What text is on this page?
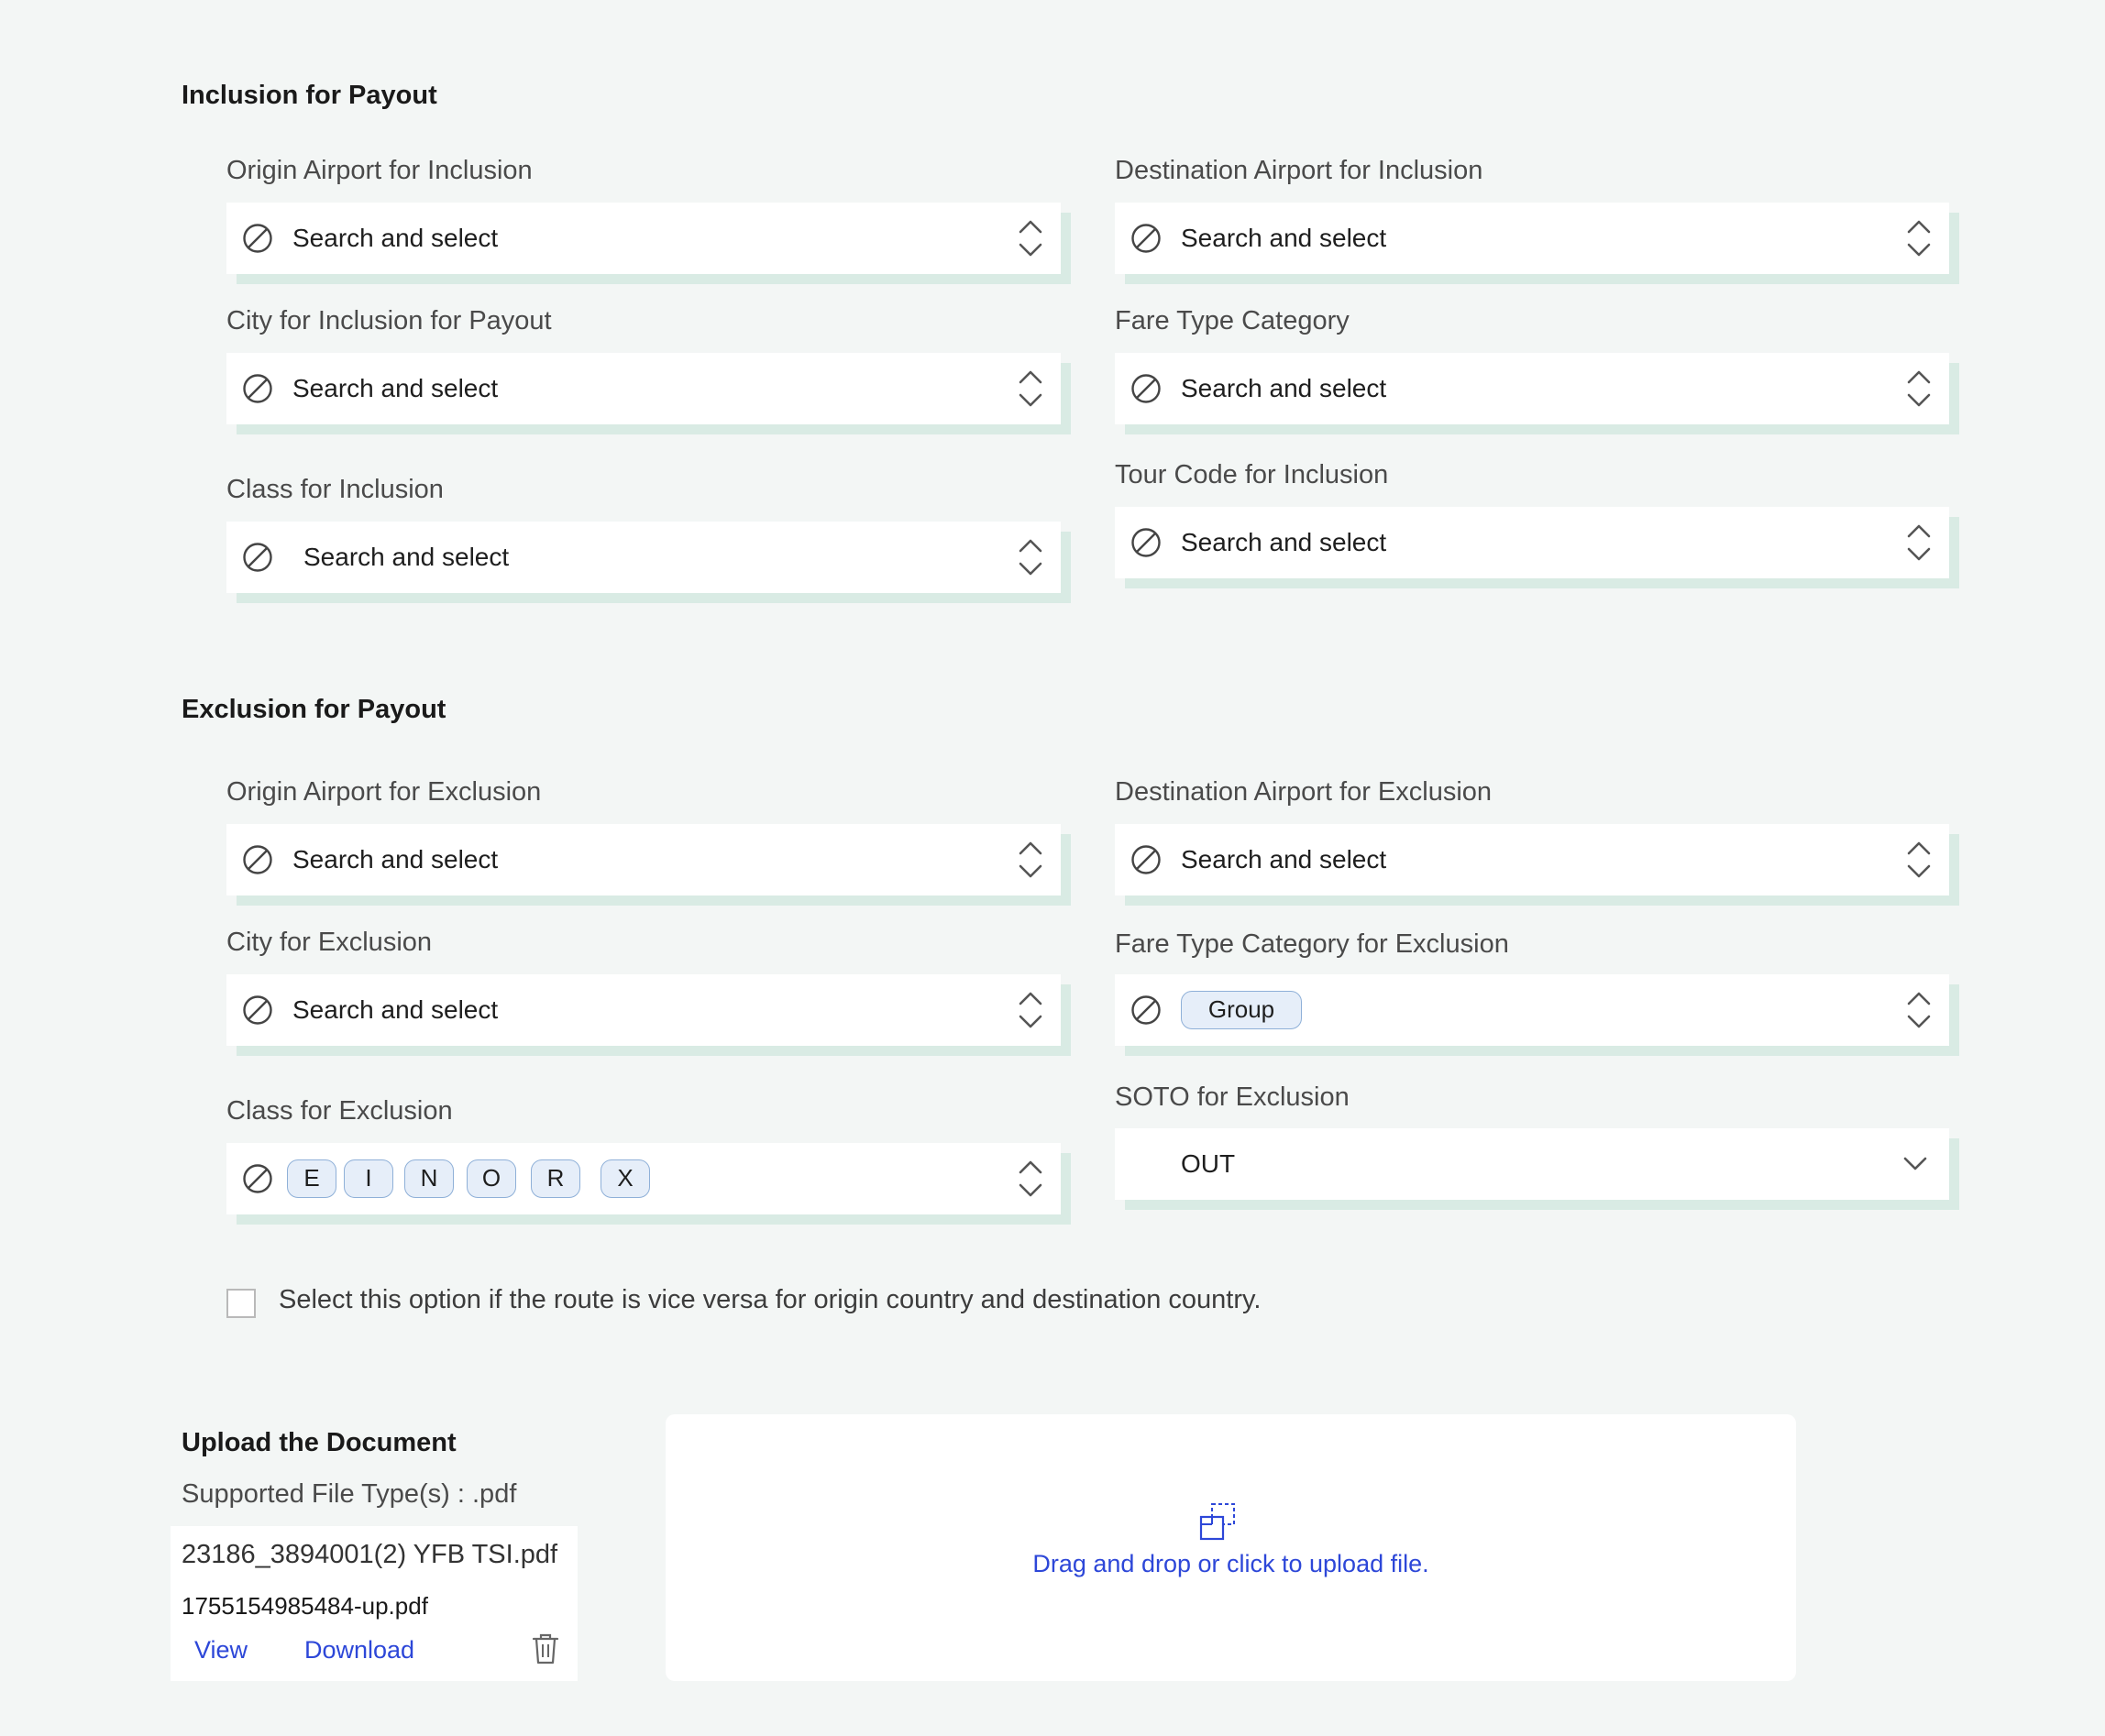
Inclusion for Payout
Origin Airport for Inclusion
Search and select
Destination Airport for Inclusion
Search and select
City for Inclusion for Payout
Search and select
Fare Type Category
Search and select
Class for Inclusion
Search and select
Tour Code for Inclusion
Search and select
Exclusion for Payout
Origin Airport for Exclusion
Search and select
Destination Airport for Exclusion
Search and select
City for Exclusion
Search and select
Fare Type Category for Exclusion
Group
Class for Exclusion
E	I	N	O	R	X
SOTO for Exclusion
OUT
Select this option if the route is vice versa for origin country and destination country.
Upload the Document
Supported File Type(s) : .pdf
23186_3894001(2) YFB TSI.pdf
1755154985484-up.pdf
View Download
Drag and drop or click to upload file.
